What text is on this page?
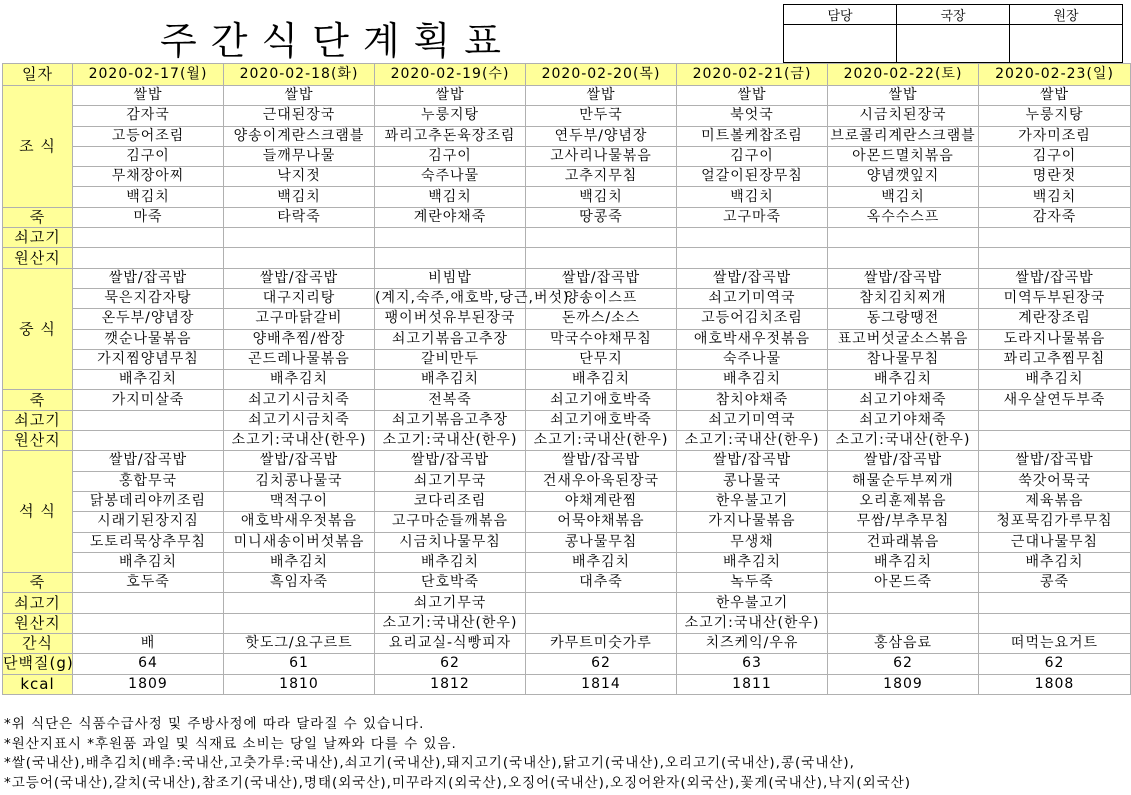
주간식단계획표
담당	국장	원장

일자	2020-02-17(월)	2020-02-18(화)	2020-02-19(수)	2020-02-20(목)	2020-02-21(금)	2020-02-22(토)	2020-02-23(일)
조 식	쌀밥	쌀밥	쌀밥	쌀밥	쌀밥	쌀밥	쌀밥
	감자국	근대된장국	누룽지탕	만두국	북엇국	시금치된장국	누룽지탕
	고등어조림	양송이계란스크램블	꽈리고추돈육장조림	연두부/양념장	미트볼케찹조림	브로콜리계란스크램블	가자미조림
	김구이	들깨무나물	김구이	고사리나물볶음	김구이	아몬드멸치볶음	김구이
	무채장아찌	낙지젓	숙주나물	고추지무침	얼갈이된장무침	양념깻잎지	명란젓
	백김치	백김치	백김치	백김치	백김치	백김치	백김치
죽	마죽	타락죽	계란야채죽	땅콩죽	고구마죽	옥수수스프	감자죽
쇠고기							
원산지							
중 식	쌀밥/잡곡밥	쌀밥/잡곡밥	비빔밥	쌀밥/잡곡밥	쌀밥/잡곡밥	쌀밥/잡곡밥	쌀밥/잡곡밥
	묵은지감자탕	대구지리탕	(계지,숙주,애호박,당근,버섯)	양송이스프	쇠고기미역국	참치김치찌개	미역두부된장국
	온두부/양념장	고구마닭갈비	팽이버섯유부된장국	돈까스/소스	고등어김치조림	동그랑땡전	계란장조림
	깻순나물볶음	양배추찜/쌈장	쇠고기볶음고추장	막국수야채무침	애호박새우젓볶음	표고버섯굴소스볶음	도라지나물볶음
	가지찜양념무침	곤드레나물볶음	갈비만두	단무지	숙주나물	참나물무침	꽈리고추찜무침
	배추김치	배추김치	배추김치	배추김치	배추김치	배추김치	배추김치
죽	가지미살죽	쇠고기시금치죽	전복죽	쇠고기애호박죽	참치야채죽	쇠고기야채죽	새우살연두부죽
쇠고기		쇠고기시금치죽	쇠고기볶음고추장	쇠고기애호박죽	쇠고기미역국	쇠고기야채죽	
원산지		소고기:국내산(한우)	소고기:국내산(한우)	소고기:국내산(한우)	소고기:국내산(한우)	소고기:국내산(한우)	
석 식	쌀밥/잡곡밥	쌀밥/잡곡밥	쌀밥/잡곡밥	쌀밥/잡곡밥	쌀밥/잡곡밥	쌀밥/잡곡밥	쌀밥/잡곡밥
	홍합무국	김치콩나물국	쇠고기무국	건새우아욱된장국	콩나물국	해물순두부찌개	쑥갓어묵국
	닭봉데리야끼조림	맥적구이	코다리조림	야채계란찜	한우불고기	오리훈제볶음	제육볶음
	시래기된장지짐	애호박새우젓볶음	고구마순들깨볶음	어묵야채볶음	가지나물볶음	무쌈/부추무침	청포묵김가루무침
	도토리묵상추무침	미니새송이버섯볶음	시금치나물무침	콩나물무침	무생채	건파래볶음	근대나물무침
	배추김치	배추김치	배추김치	배추김치	배추김치	배추김치	배추김치
죽	호두죽	흑임자죽	단호박죽	대추죽	녹두죽	아몬드죽	콩죽
쇠고기			쇠고기무국		한우불고기		
원산지			소고기:국내산(한우)		소고기:국내산(한우)		
간식	배	핫도그/요구르트	요리교실-식빵피자	카무트미숫가루	치즈케익/우유	홍삼음료	떠먹는요거트
단백질(g)	64	61	62	62	63	62	62
kcal	1809	1810	1812	1814	1811	1809	1808
*위 식단은 식품수급사정 및 주방사정에 따라 달라질 수 있습니다.
*원산지표시 *후원품 과일 및 식재료 소비는 당일 날짜와 다를 수 있음.
*쌀(국내산),배추김치(배추:국내산,고춧가루:국내산),쇠고기(국내산),돼지고기(국내산),닭고기(국내산),오리고기(국내산),콩(국내산),
*고등어(국내산),갈치(국내산),참조기(국내산),명태(외국산),미꾸라지(외국산),오징어(국내산),오징어완자(외국산),꽃게(국내산),낙지(외국산)
